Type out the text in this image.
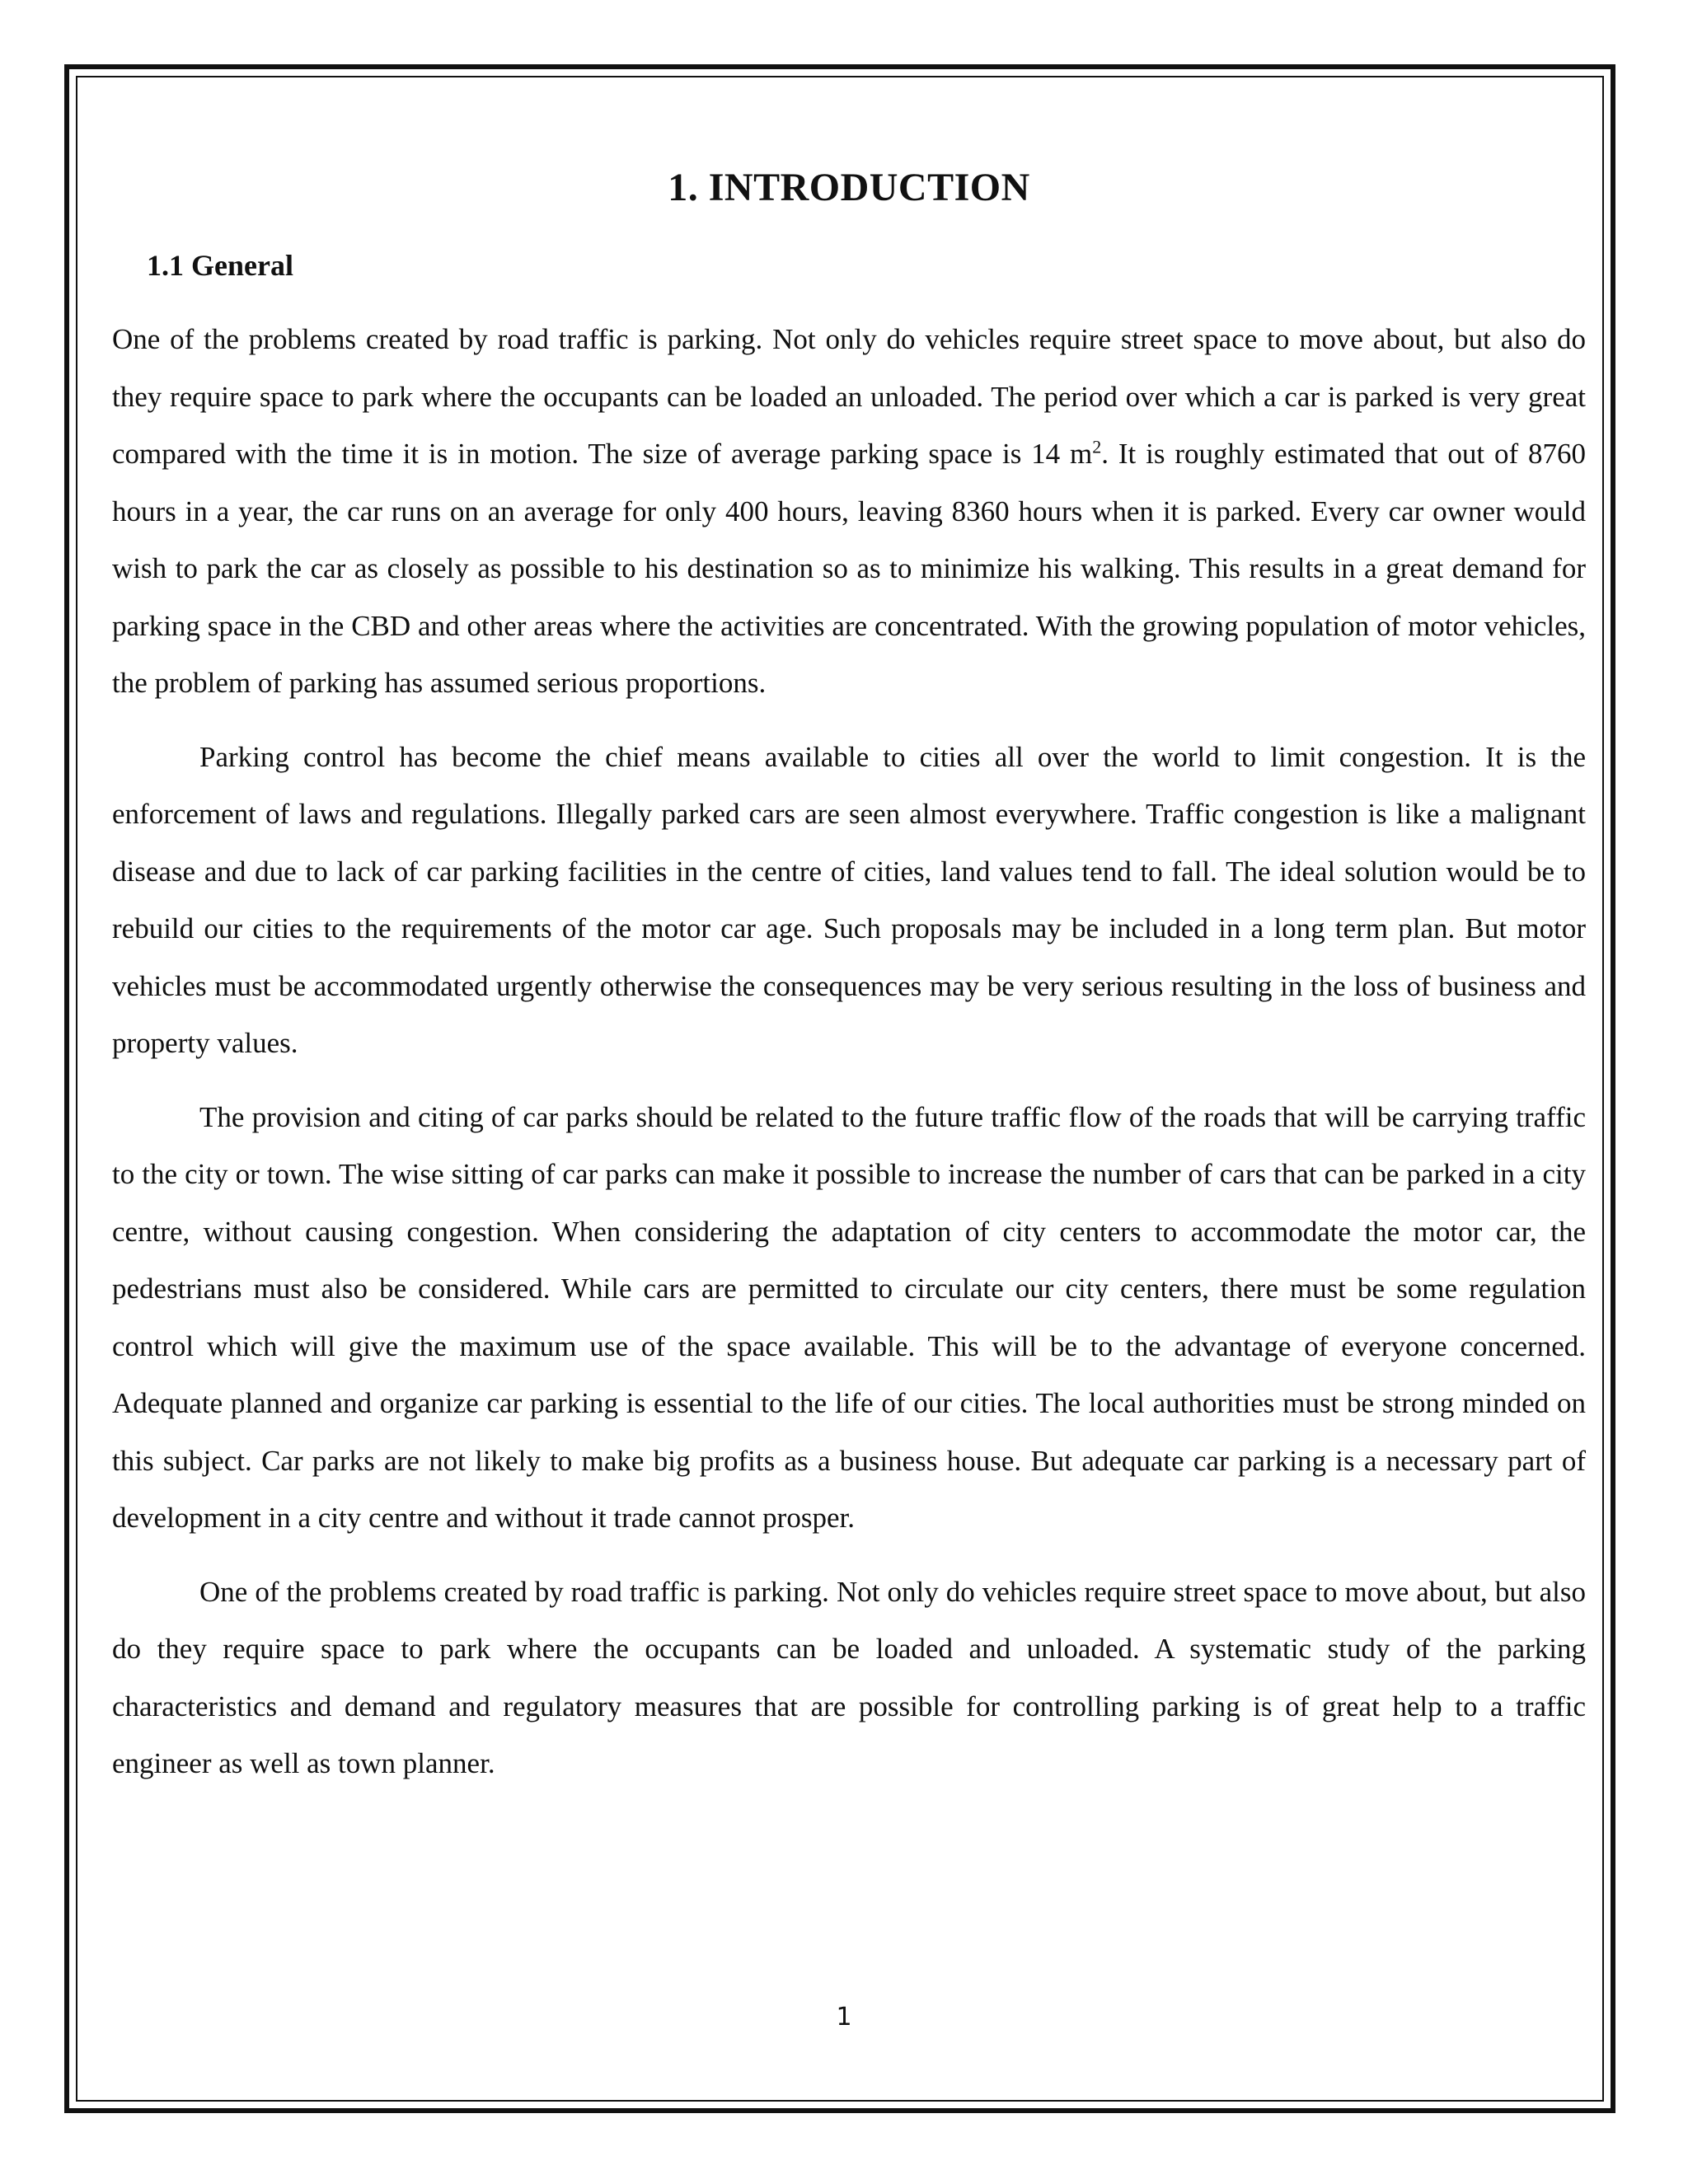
1. INTRODUCTION
1.1 General

One of the problems created by road traffic is parking. Not only do vehicles require street space to move about, but also do they require space to park where the occupants can be loaded an unloaded. The period over which a car is parked is very great compared with the time it is in motion. The size of average parking space is 14 $m^2$. It is roughly estimated that out of 8760 hours in a year, the car runs on an average for only 400 hours, leaving 8360 hours when it is parked. Every car owner would wish to park the car as closely as possible to his destination so as to minimize his walking. This results in a great demand for parking space in the CBD and other areas where the activities are concentrated. With the growing population of motor vehicles, the problem of parking has assumed serious proportions.

Parking control has become the chief means available to cities all over the world to limit congestion. It is the enforcement of laws and regulations. Illegally parked cars are seen almost everywhere. Traffic congestion is like a malignant disease and due to lack of car parking facilities in the centre of cities, land values tend to fall. The ideal solution would be to rebuild our cities to the requirements of the motor car age. Such proposals may be included in a long term plan. But motor vehicles must be accommodated urgently otherwise the consequences may be very serious resulting in the loss of business and property values.

The provision and citing of car parks should be related to the future traffic flow of the roads that will be carrying traffic to the city or town. The wise sitting of car parks can make it possible to increase the number of cars that can be parked in a city centre, without causing congestion. When considering the adaptation of city centers to accommodate the motor car, the pedestrians must also be considered. While cars are permitted to circulate our city centers, there must be some regulation control which will give the maximum use of the space available. This will be to the advantage of everyone concerned. Adequate planned and organize car parking is essential to the life of our cities. The local authorities must be strong minded on this subject. Car parks are not likely to make big profits as a business house. But adequate car parking is a necessary part of development in a city centre and without it trade cannot prosper.

One of the problems created by road traffic is parking. Not only do vehicles require street space to move about, but also do they require space to park where the occupants can be loaded and unloaded. A systematic study of the parking characteristics and demand and regulatory measures that are possible for controlling parking is of great help to a traffic engineer as well as town planner.

1
